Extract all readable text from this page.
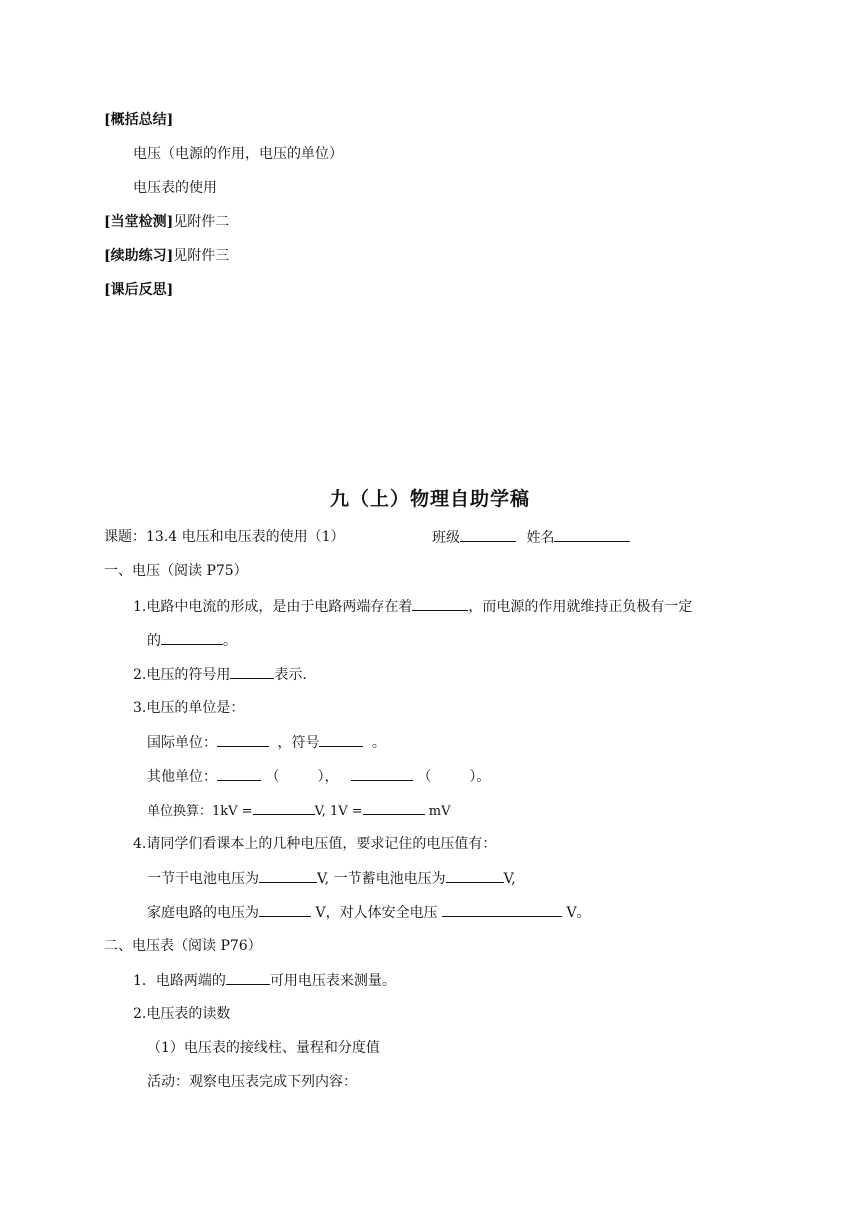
[概括总结]
电压（电源的作用，电压的单位）
电压表的使用
[当堂检测]见附件二
[续助练习]见附件三
[课后反思]
九（上）物理自助学稿
课题：13.4 电压和电压表的使用（1）	班级	姓名
一、电压（阅读 P75）
1.电路中电流的形成，是由于电路两端存在着	，而电源的作用就维持正负极有一定
的	。
2.电压的符号用	表示.
3.电压的单位是：
国际单位：	，符号	。
其他单位：	（	），	（	）。
单位换算：1kV =	V, 1V =	mV
4.请同学们看课本上的几种电压值，要求记住的电压值有：
一节干电池电压为	V, 一节蓄电池电压为	V,
家庭电路的电压为	V，对人体安全电压	V。
二、电压表（阅读 P76）
1．电路两端的	可用电压表来测量。
2.电压表的读数
（1）电压表的接线柱、量程和分度值
活动：观察电压表完成下列内容：
